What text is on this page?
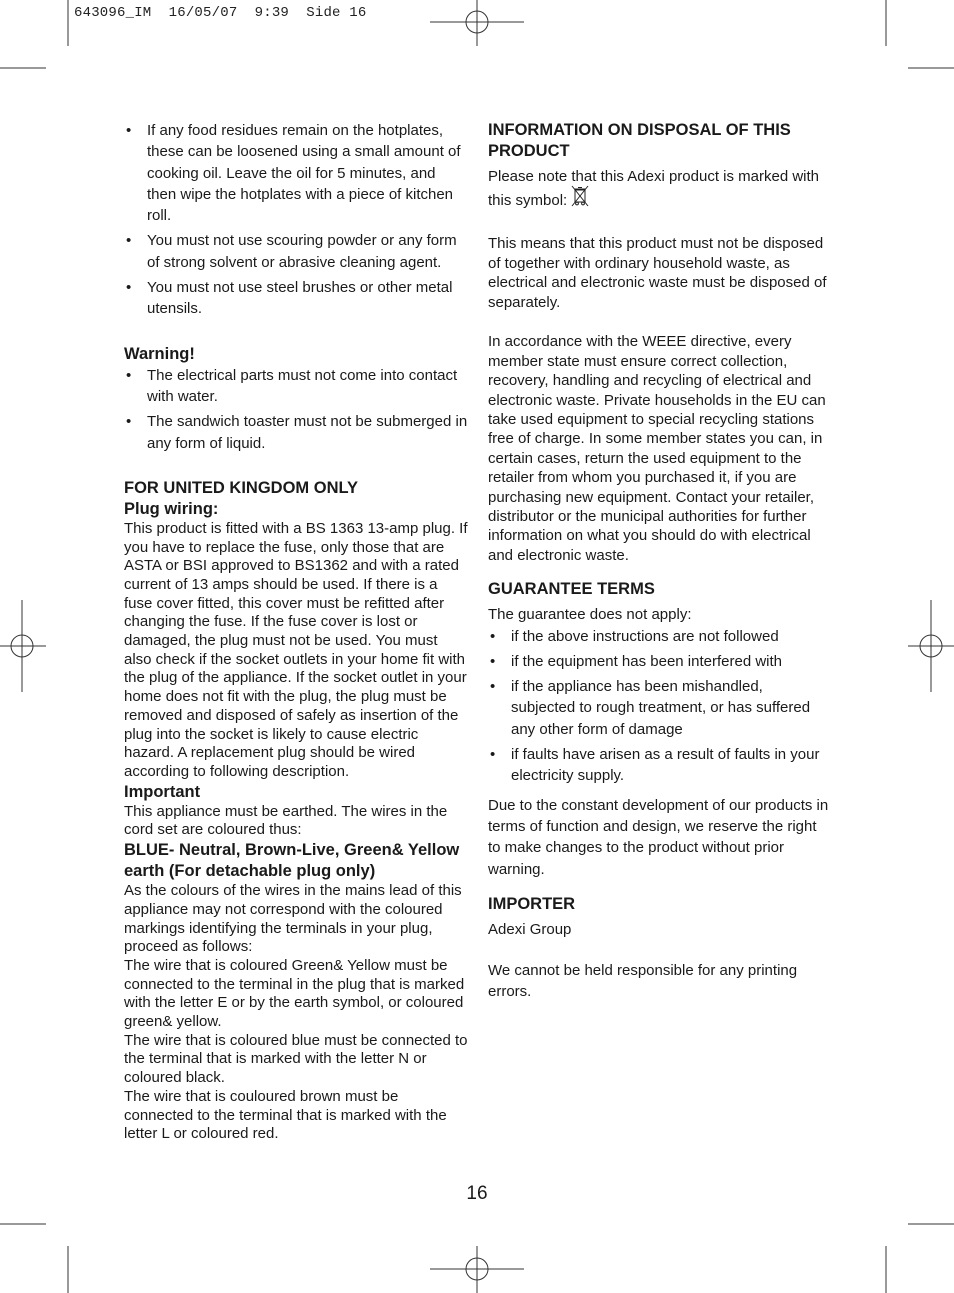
643096_IM  16/05/07  9:39  Side 16
• If any food residues remain on the hotplates, these can be loosened using a small amount of cooking oil. Leave the oil for 5 minutes, and then wipe the hotplates with a piece of kitchen roll.
• You must not use scouring powder or any form of strong solvent or abrasive cleaning agent.
• You must not use steel brushes or other metal utensils.

Warning!

• The electrical parts must not come into contact with water.
• The sandwich toaster must not be submerged in any form of liquid.

FOR UNITED KINGDOM ONLY

Plug wiring:

This product is fitted with a BS 1363 13-amp plug. If you have to replace the fuse, only those that are ASTA or BSI approved to BS1362 and with a rated current of 13 amps should be used. If there is a fuse cover fitted, this cover must be refitted after changing the fuse. If the fuse cover is lost or damaged, the plug must not be used. You must also check if the socket outlets in your home fit with the plug of the appliance. If the socket outlet in your home does not fit with the plug, the plug must be removed and disposed of safely as insertion of the plug into the socket is likely to cause electric hazard. A replacement plug should be wired according to following description.

Important

This appliance must be earthed. The wires in the cord set are coloured thus:

BLUE- Neutral, Brown-Live, Green& Yellow

earth (For detachable plug only)

As the colours of the wires in the mains lead of this appliance may not correspond with the coloured markings identifying the terminals in your plug, proceed as follows:

The wire that is coloured Green& Yellow must be connected to the terminal in the plug that is marked with the letter E or by the earth symbol, or coloured green& yellow.

The wire that is coloured blue must be connected to the terminal that is marked with the letter N or coloured black.

The wire that is couloured brown must be connected to the terminal that is marked with the letter L or coloured red.

INFORMATION ON DISPOSAL OF THIS PRODUCT

Please note that this Adexi product is marked with this symbol:

This means that this product must not be disposed of together with ordinary household waste, as electrical and electronic waste must be disposed of separately.

In accordance with the WEEE directive, every member state must ensure correct collection, recovery, handling and recycling of electrical and electronic waste. Private households in the EU can take used equipment to special recycling stations free of charge. In some member states you can, in certain cases, return the used equipment to the retailer from whom you purchased it, if you are purchasing new equipment. Contact your retailer, distributor or the municipal authorities for further information on what you should do with electrical and electronic waste.

GUARANTEE TERMS

The guarantee does not apply:

• if the above instructions are not followed
• if the equipment has been interfered with
• if the appliance has been mishandled, subjected to rough treatment, or has suffered any other form of damage
• if faults have arisen as a result of faults in your electricity supply.

Due to the constant development of our products in terms of function and design, we reserve the right to make changes to the product without prior warning.

IMPORTER

Adexi Group

We cannot be held responsible for any printing errors.

16
